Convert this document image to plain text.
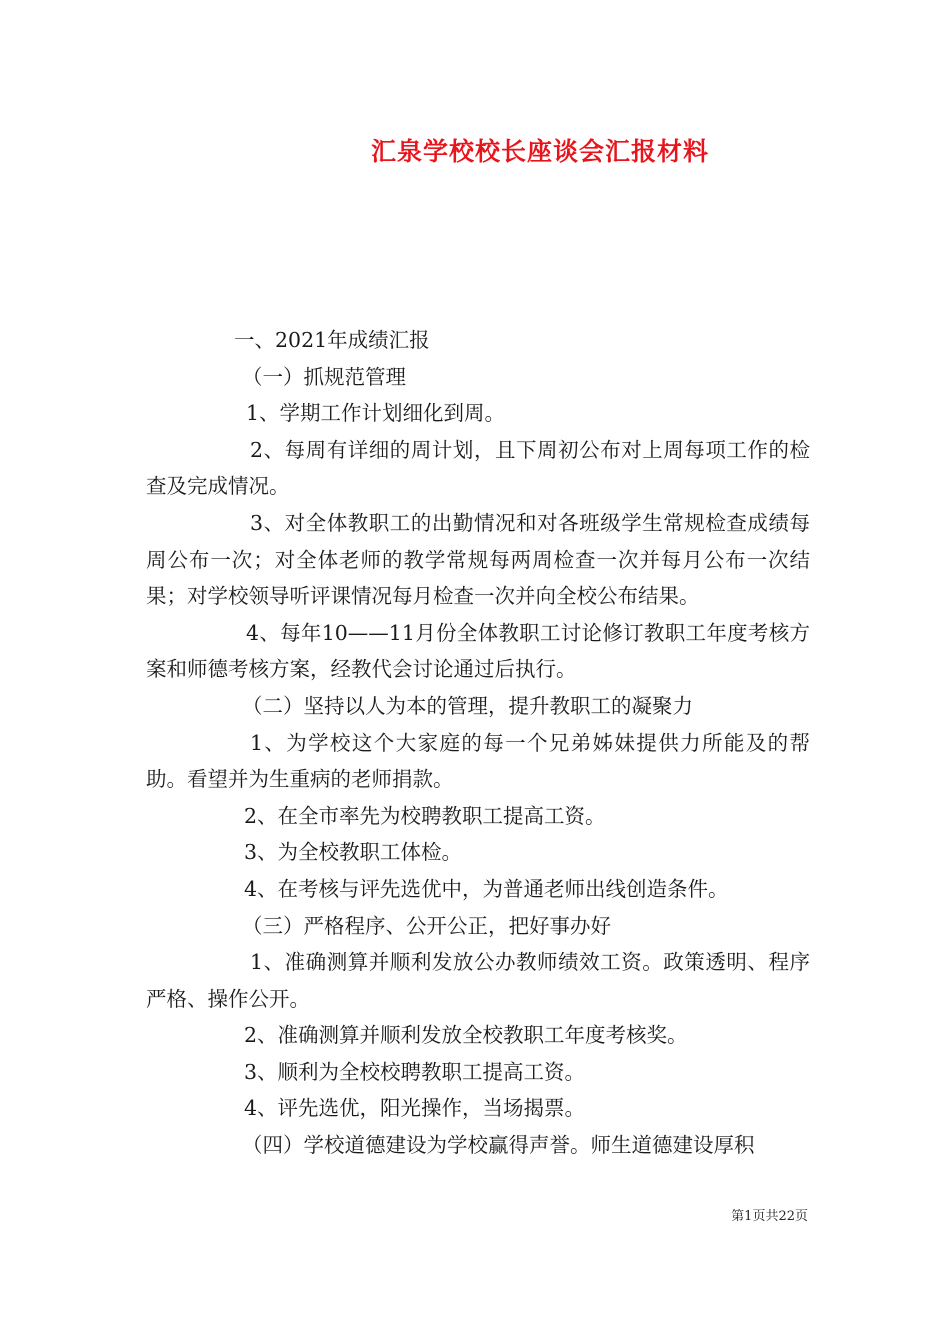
汇泉学校校长座谈会汇报材料

一、2021年成绩汇报

（一）抓规范管理

1、学期工作计划细化到周。

2、每周有详细的周计划，且下周初公布对上周每项工作的检查及完成情况。

3、对全体教职工的出勤情况和对各班级学生常规检查成绩每周公布一次；对全体老师的教学常规每两周检查一次并每月公布一次结果；对学校领导听评课情况每月检查一次并向全校公布结果。

4、每年10——11月份全体教职工讨论修订教职工年度考核方案和师德考核方案，经教代会讨论通过后执行。

（二）坚持以人为本的管理，提升教职工的凝聚力

1、为学校这个大家庭的每一个兄弟姊妹提供力所能及的帮助。看望并为生重病的老师捐款。

2、在全市率先为校聘教职工提高工资。

3、为全校教职工体检。

4、在考核与评先选优中，为普通老师出线创造条件。

（三）严格程序、公开公正，把好事办好

1、准确测算并顺利发放公办教师绩效工资。政策透明、程序严格、操作公开。

2、准确测算并顺利发放全校教职工年度考核奖。

3、顺利为全校校聘教职工提高工资。

4、评先选优，阳光操作，当场揭票。

（四）学校道德建设为学校赢得声誉。师生道德建设厚积

第1页共22页
